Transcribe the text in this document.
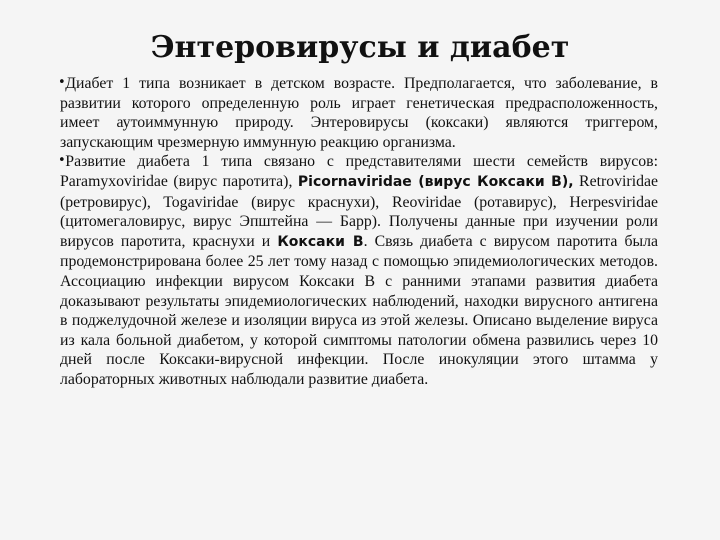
Энтеровирусы и диабет

•
     Диабет 1 типа возникает в детском возрасте. Предполагается, что заболевание, в развитии которого определенную роль играет генетическая предрасположенность, имеет аутоиммунную природу. Энтеровирусы (коксаки) являются триггером, запускающим чрезмерную иммунную реакцию организма.

•
     Развитие диабета 1 типа связано с представителями шести семейств вирусов: Paramyxoviridae (вирус паротита), Picornaviridae (вирус Коксаки В), Retroviridae (ретровирус), Togaviridae (вирус краснухи), Reoviridae (ротавирус), Herpesviridae (цитомегаловирус, вирус Эпштейна — Барр). Получены данные при изучении роли вирусов паротита, краснухи и Коксаки В. Связь диабета с вирусом паротита была продемонстрирована более 25 лет тому назад с помощью эпидемиологических методов. Ассоциацию инфекции вирусом Коксаки В с ранними этапами развития диабета доказывают результаты эпидемиологических наблюдений, находки вирусного антигена в поджелудочной железе и изоляции вируса из этой железы. Описано выделение вируса из кала больной диабетом, у которой симптомы патологии обмена развились через 10 дней после Коксаки-вирусной инфекции. После инокуляции этого штамма у лабораторных животных наблюдали развитие диабета.
